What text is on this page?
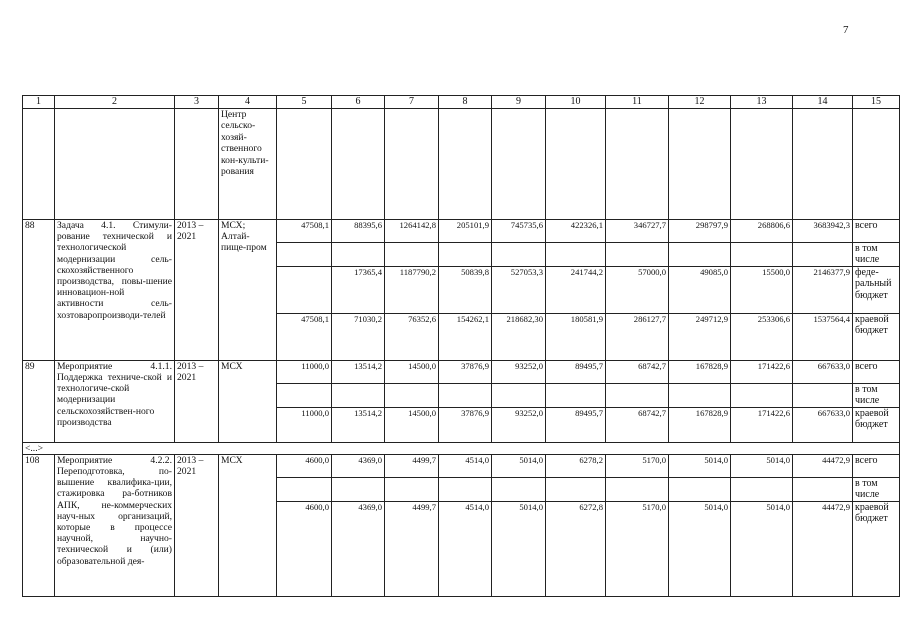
7
1	2	3	4	5	6	7	8	9	10	11	12	13	14	15
			Центр сельско-хозяй-ственного кон-культи-рования											
88	Задача 4.1. Стимули-рование технической и технологической модернизации сель-скохозяйственного производства, повы-шение инновацион-ной активности сель-хозтоваропроизводи-телей	2013 – 2021	МСХ; Алтай-пище-пром	47508,1	88395,6	1264142,8	205101,9	745735,6	422326,1	346727,7	298797,9	268806,6	3683942,3	всего
														в том числе
					17365,4	1187790,2	50839,8	527053,3	241744,2	57000,0	49085,0	15500,0	2146377,9	феде-ральный бюджет
				47508,1	71030,2	76352,6	154262,1	218682,30	180581,9	286127,7	249712,9	253306,6	1537564,4	краевой бюджет
89	Мероприятие 4.1.1. Поддержка техниче-ской и технологиче-ской модернизации сельскохозяйствен-ного производства	2013 – 2021	МСХ	11000,0	13514,2	14500,0	37876,9	93252,0	89495,7	68742,7	167828,9	171422,6	667633,0	всего
														в том числе
				11000,0	13514,2	14500,0	37876,9	93252,0	89495,7	68742,7	167828,9	171422,6	667633,0	краевой бюджет
<...>														
108	Мероприятие 4.2.2. Переподготовка, по-вышение квалифика-ции, стажировка ра-ботников АПК, не-коммерческих науч-ных организаций, которые в процессе научной, научно-технической и (или) образовательной дея-	2013 – 2021	МСХ	4600,0	4369,0	4499,7	4514,0	5014,0	6278,2	5170,0	5014,0	5014,0	44472,9	всего
														в том числе
				4600,0	4369,0	4499,7	4514,0	5014,0	6272,8	5170,0	5014,0	5014,0	44472,9	краевой бюджет
